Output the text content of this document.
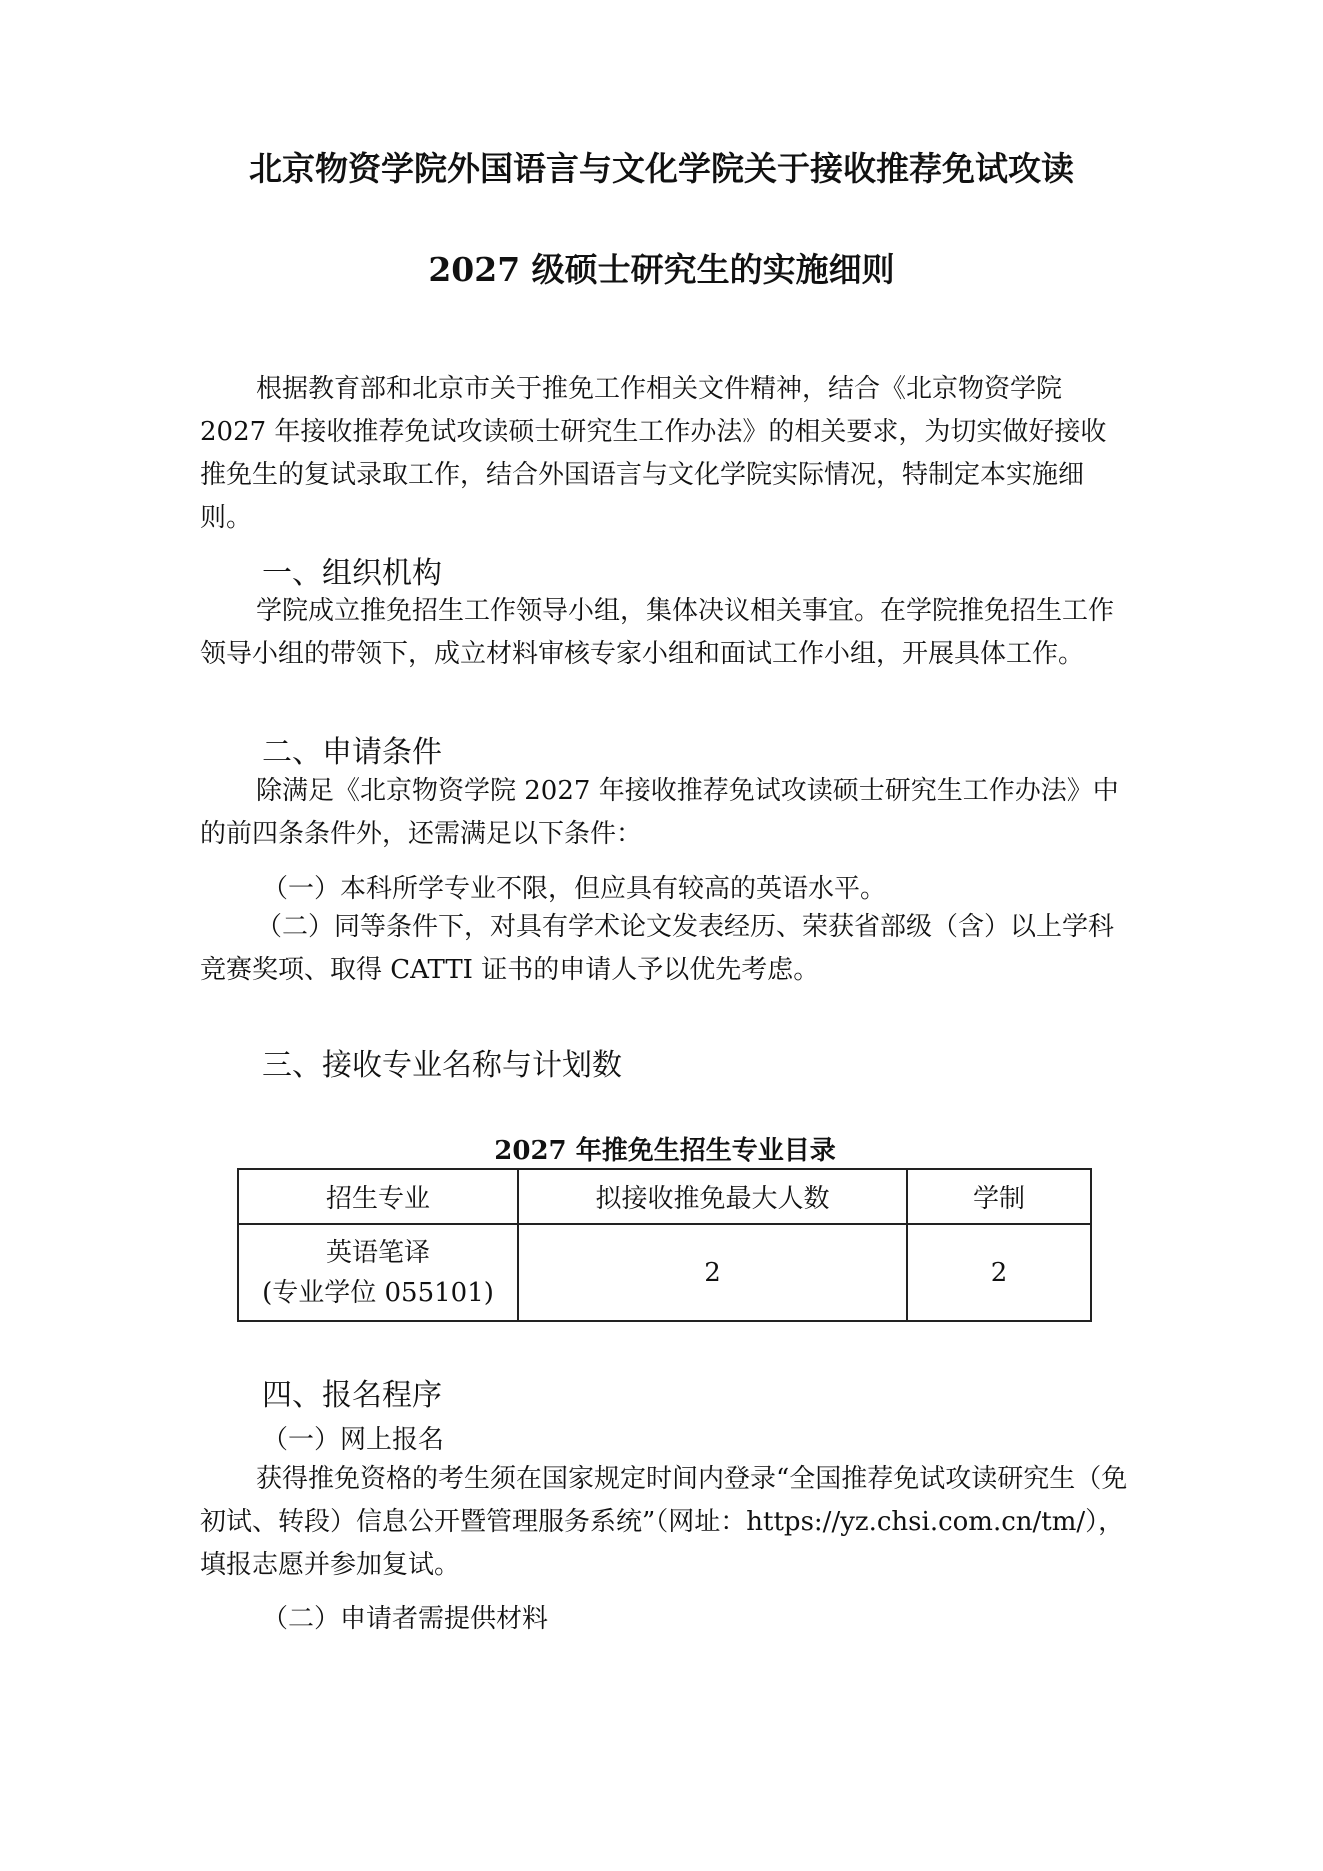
北京物资学院外国语言与文化学院关于接收推荐免试攻读
2027 级硕士研究生的实施细则

根据教育部和北京市关于推免工作相关文件精神，结合《北京物资学院 2027 年接收推荐免试攻读硕士研究生工作办法》的相关要求，为切实做好接收推免生的复试录取工作，结合外国语言与文化学院实际情况，特制定本实施细则。

一、组织机构

学院成立推免招生工作领导小组，集体决议相关事宜。在学院推免招生工作领导小组的带领下，成立材料审核专家小组和面试工作小组，开展具体工作。

二、申请条件

除满足《北京物资学院 2027 年接收推荐免试攻读硕士研究生工作办法》中的前四条条件外，还需满足以下条件：

（一）本科所学专业不限，但应具有较高的英语水平。

（二）同等条件下，对具有学术论文发表经历、荣获省部级（含）以上学科竞赛奖项、取得 CATTI 证书的申请人予以优先考虑。

三、接收专业名称与计划数
2027 年推免生招生专业目录
招生专业	拟接收推免最大人数	学制

英语笔译
(专业学位 055101)	2	2
四、报名程序
（一）网上报名

获得推免资格的考生须在国家规定时间内登录“全国推荐免试攻读研究生（免初试、转段）信息公开暨管理服务系统”（网址：https://yz.chsi.com.cn/tm/），填报志愿并参加复试。

（二）申请者需提供材料
